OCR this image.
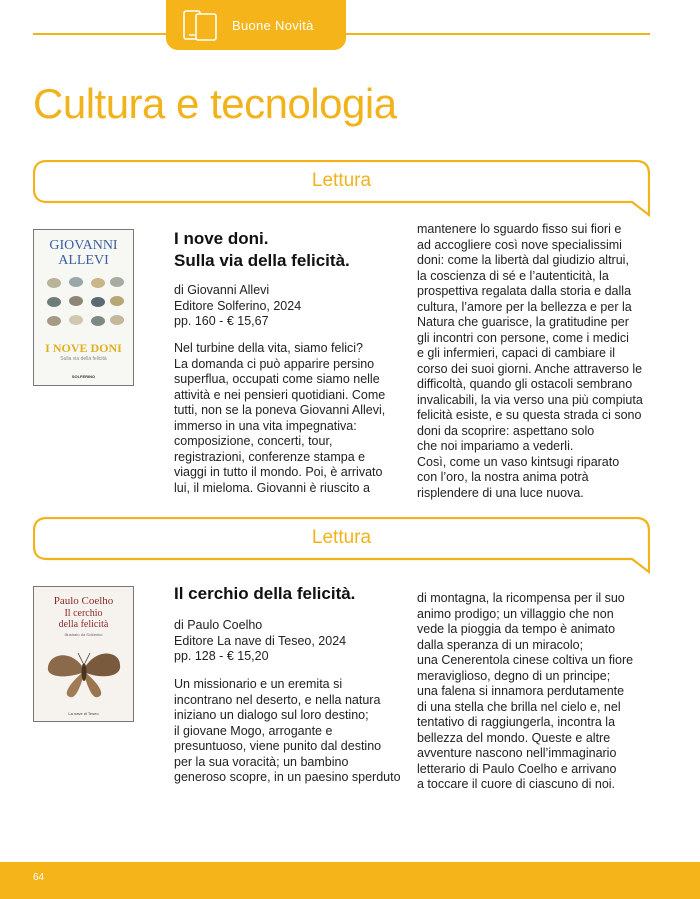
Buone Novità
Cultura e tecnologia
Lettura
GIOVANNI ALLEVI
I NOVE DONI
Sulla via della felicità
SOLFERINO
I nove doni.
Sulla via della felicità.
di Giovanni Allevi
Editore Solferino, 2024
pp. 160 - € 15,67
Nel turbine della vita, siamo felici?
La domanda ci può apparire persino
superflua, occupati come siamo nelle
attività e nei pensieri quotidiani. Come
tutti, non se la poneva Giovanni Allevi,
immerso in una vita impegnativa:
composizione, concerti, tour,
registrazioni, conferenze stampa e
viaggi in tutto il mondo. Poi, è arrivato
lui, il mieloma. Giovanni è riuscito a
mantenere lo sguardo fisso sui fiori e
ad accogliere così nove specialissimi
doni: come la libertà dal giudizio altrui,
la coscienza di sé e l’autenticità, la
prospettiva regalata dalla storia e dalla
cultura, l’amore per la bellezza e per la
Natura che guarisce, la gratitudine per
gli incontri con persone, come i medici
e gli infermieri, capaci di cambiare il
corso dei suoi giorni. Anche attraverso le
difficoltà, quando gli ostacoli sembrano
invalicabili, la via verso una più compiuta
felicità esiste, e su questa strada ci sono
doni da scoprire: aspettano solo
che noi impariamo a vederli.
Così, come un vaso kintsugi riparato
con l’oro, la nostra anima potrà
risplendere di una luce nuova.
Lettura
Paulo Coelho
Il cerchio
della felicità
Illustrato da Svičenko
La nave di Teseo
Il cerchio della felicità.
di Paulo Coelho
Editore La nave di Teseo, 2024
pp. 128 - € 15,20
Un missionario e un eremita si
incontrano nel deserto, e nella natura
iniziano un dialogo sul loro destino;
il giovane Mogo, arrogante e
presuntuoso, viene punito dal destino
per la sua voracità; un bambino
generoso scopre, in un paesino sperduto
di montagna, la ricompensa per il suo
animo prodigo; un villaggio che non
vede la pioggia da tempo è animato
dalla speranza di un miracolo;
una Cenerentola cinese coltiva un fiore
meraviglioso, degno di un principe;
una falena si innamora perdutamente
di una stella che brilla nel cielo e, nel
tentativo di raggiungerla, incontra la
bellezza del mondo. Queste e altre
avventure nascono nell’immaginario
letterario di Paulo Coelho e arrivano
a toccare il cuore di ciascuno di noi.
64
